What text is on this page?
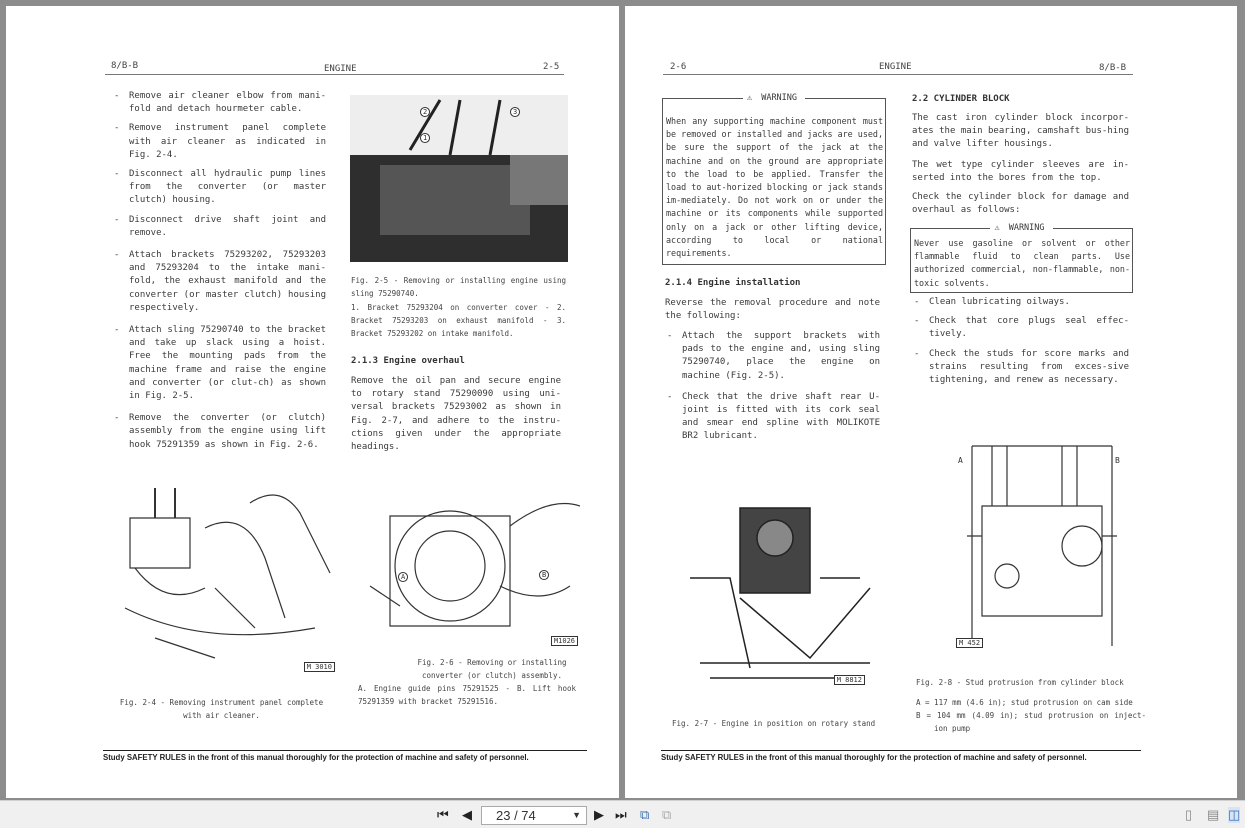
8/B-B	ENGINE	2-5
- Remove air cleaner elbow from mani-fold and detach hourmeter cable.
- Remove instrument panel complete with air cleaner as indicated in Fig. 2-4.
- Disconnect all hydraulic pump lines from the converter (or master clutch) housing.
- Disconnect drive shaft joint and remove.
- Attach brackets 75293202, 75293203 and 75293204 to the intake mani-fold, the exhaust manifold and the converter (or master clutch) housing respectively.
- Attach sling 75290740 to the bracket and take up slack using a hoist. Free the mounting pads from the machine frame and raise the engine and converter (or clut-ch) as shown in Fig. 2-5.
- Remove the converter (or clutch) assembly from the engine using lift hook 75291359 as shown in Fig. 2-6.
2
1
3
Fig. 2-5 - Removing or installing engine using sling 75290740.
1. Bracket 75293204 on converter cover - 2. Bracket 75293203 on exhaust manifold - 3. Bracket 75293202 on intake manifold.
2.1.3 Engine overhaul
Remove the oil pan and secure engine to rotary stand 75290090 using uni-versal brackets 75293002 as shown in Fig. 2-7, and adhere to the instru-ctions given under the appropriate headings.
M 3010
Fig. 2-4 - Removing instrument panel complete with air cleaner.
A	B
M1026
Fig. 2-6 - Removing or installing converter (or clutch) assembly.
A. Engine guide pins 75291525 - B. Lift hook 75291359 with bracket 75291516.
Study SAFETY RULES in the front of this manual thoroughly for the protection of machine and safety of personnel.
2-6	ENGINE	8/B-B
⚠ WARNING
When any supporting machine component must be removed or installed and jacks are used, be sure the support of the jack at the machine and on the ground are appropriate to the load to be applied. Transfer the load to aut-horized blocking or jack stands im-mediately. Do not work on or under the machine or its components while supported only on a jack or other lifting device, according to local or national requirements.
2.1.4 Engine installation
Reverse the removal procedure and note the following:
- Attach the support brackets with pads to the engine and, using sling 75290740, place the engine on machine (Fig. 2-5).
- Check that the drive shaft rear U-joint is fitted with its cork seal and smear end spline with MOLIKOTE BR2 lubricant.
2.2 CYLINDER BLOCK
The cast iron cylinder block incorpor-ates the main bearing, camshaft bus-hing and valve lifter housings.
The wet type cylinder sleeves are in-serted into the bores from the top.
Check the cylinder block for damage and overhaul as follows:
⚠ WARNING
Never use gasoline or solvent or other flammable fluid to clean parts. Use authorized commercial, non-flammable, non-toxic solvents.
- Clean lubricating oilways.
- Check that core plugs seal effec-tively.
- Check the studs for score marks and strains resulting from exces-sive tightening, and renew as necessary.
M 8812
Fig. 2-7 - Engine in position on rotary stand
A	B
M 452
Fig. 2-8 - Stud protrusion from cylinder block
A = 117 mm (4.6 in); stud protrusion on cam side
B = 104 mm (4.09 in); stud protrusion on inject-ion pump
Study SAFETY RULES in the front of this manual thoroughly for the protection of machine and safety of personnel.
⏮ ◀	23 / 74	▼ ▶ ⏭ ⧉ ⧉	▯ ▤ ◫
